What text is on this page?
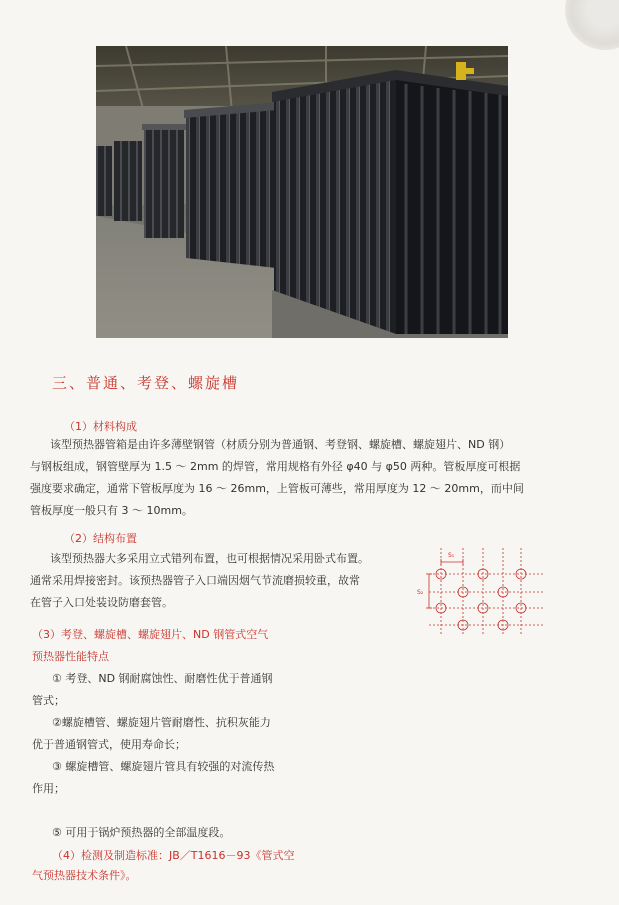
三、普通、考登、螺旋槽
（1）材料构成
该型预热器管箱是由许多薄壁钢管（材质分别为普通钢、考登钢、螺旋槽、螺旋翅片、ND 钢）
与钢板组成，钢管壁厚为 1.5 ～ 2mm 的焊管，常用规格有外径 φ40 与 φ50 两种。管板厚度可根据
强度要求确定，通常下管板厚度为 16 ～ 26mm，上管板可薄些，常用厚度为 12 ～ 20mm，而中间
管板厚度一般只有 3 ～ 10mm。
（2）结构布置
该型预热器大多采用立式错列布置，也可根据情况采用卧式布置。
通常采用焊接密封。该预热器管子入口端因烟气节流磨损较重，故常
在管子入口处装设防磨套管。
（3）考登、螺旋槽、螺旋翅片、ND 钢管式空气
预热器性能特点
① 考登、ND 钢耐腐蚀性、耐磨性优于普通钢
管式；
②螺旋槽管、螺旋翅片管耐磨性、抗积灰能力
优于普通钢管式，使用寿命长；
③ 螺旋槽管、螺旋翅片管具有较强的对流传热
作用；
⑤ 可用于锅炉预热器的全部温度段。
（4）检测及制造标准：JB／T1616－93《管式空
气预热器技术条件》。
S₁
S₂
